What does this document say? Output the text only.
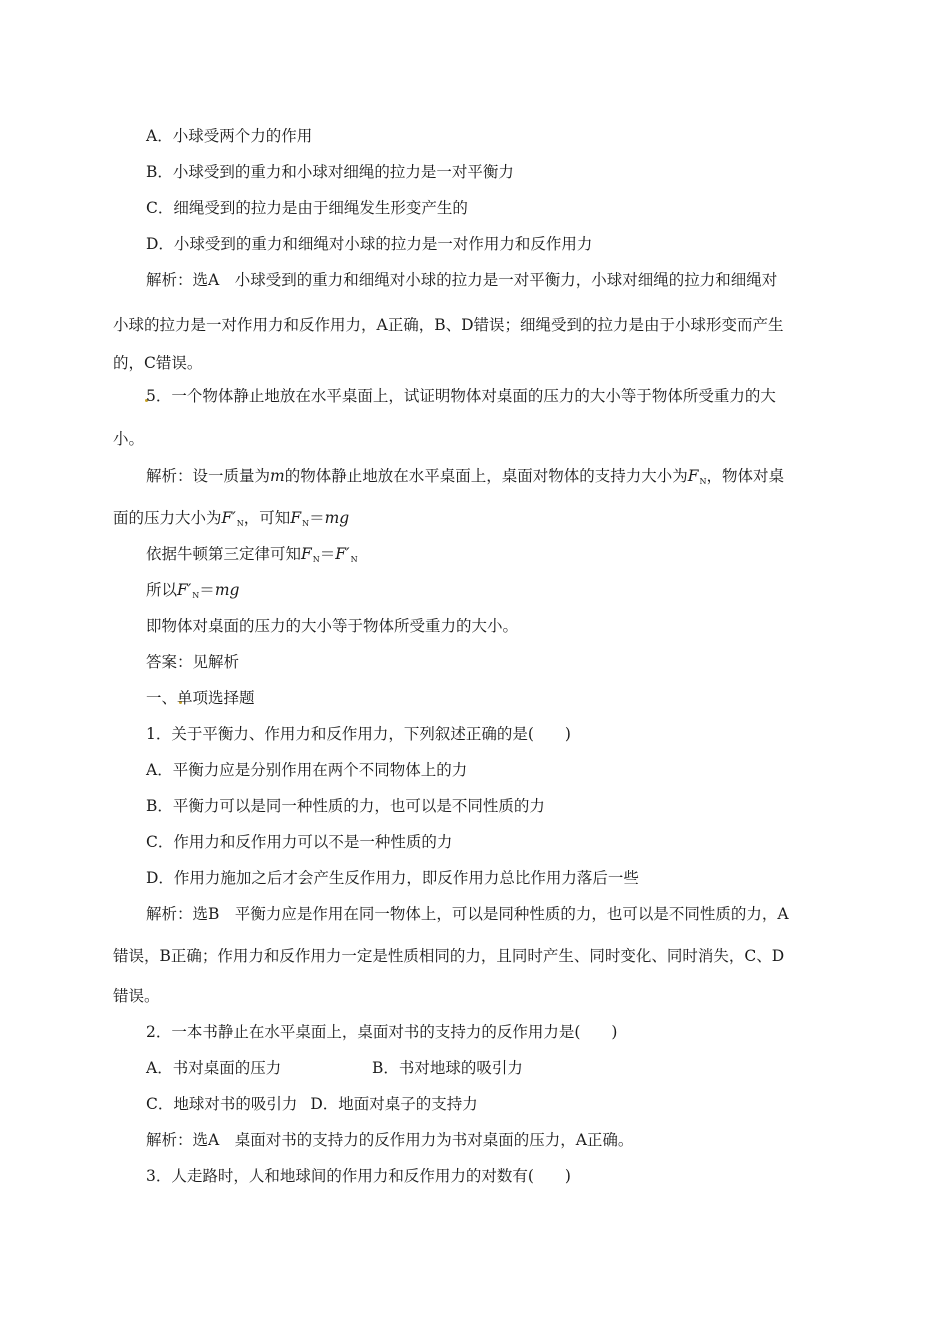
A．小球受两个力的作用
B．小球受到的重力和小球对细绳的拉力是一对平衡力
C．细绳受到的拉力是由于细绳发生形变产生的
D．小球受到的重力和细绳对小球的拉力是一对作用力和反作用力
解析：选A　小球受到的重力和细绳对小球的拉力是一对平衡力，小球对细绳的拉力和细绳对
小球的拉力是一对作用力和反作用力，A正确，B、D错误；细绳受到的拉力是由于小球形变而产生
的，C错误。
5．一个物体静止地放在水平桌面上，试证明物体对桌面的压力的大小等于物体所受重力的大
小。
解析：设一质量为m的物体静止地放在水平桌面上，桌面对物体的支持力大小为FN，物体对桌
面的压力大小为F′N，可知FN＝mg
依据牛顿第三定律可知FN＝F′N
所以F′N＝mg
即物体对桌面的压力的大小等于物体所受重力的大小。
答案：见解析
一、单项选择题
1．关于平衡力、作用力和反作用力，下列叙述正确的是(　　)
A．平衡力应是分别作用在两个不同物体上的力
B．平衡力可以是同一种性质的力，也可以是不同性质的力
C．作用力和反作用力可以不是一种性质的力
D．作用力施加之后才会产生反作用力，即反作用力总比作用力落后一些
解析：选B　平衡力应是作用在同一物体上，可以是同种性质的力，也可以是不同性质的力，A
错误，B正确；作用力和反作用力一定是性质相同的力，且同时产生、同时变化、同时消失，C、D
错误。
2．一本书静止在水平桌面上，桌面对书的支持力的反作用力是(　　)
A．书对桌面的压力	B．书对地球的吸引力
C．地球对书的吸引力 D．地面对桌子的支持力
解析：选A　桌面对书的支持力的反作用力为书对桌面的压力，A正确。
3．人走路时，人和地球间的作用力和反作用力的对数有(　　)
